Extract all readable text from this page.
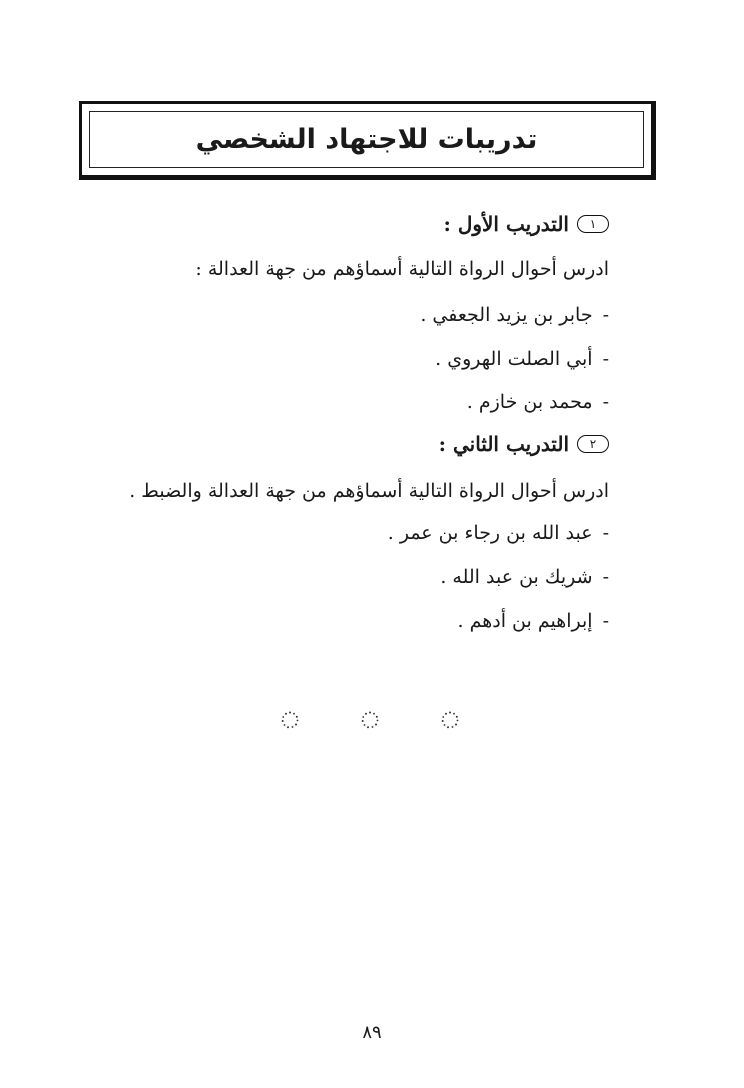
تدريبات للاجتهاد الشخصي
١
التدريب الأول :
ادرس أحوال الرواة التالية أسماؤهم من جهة العدالة :
-جابر بن يزيد الجعفي .
-أبي الصلت الهروي .
-محمد بن خازم .
٢
التدريب الثاني :
ادرس أحوال الرواة التالية أسماؤهم من جهة العدالة والضبط .
-عبد الله بن رجاء بن عمر .
-شريك بن عبد الله .
-إبراهيم بن أدهم .
٨٩
